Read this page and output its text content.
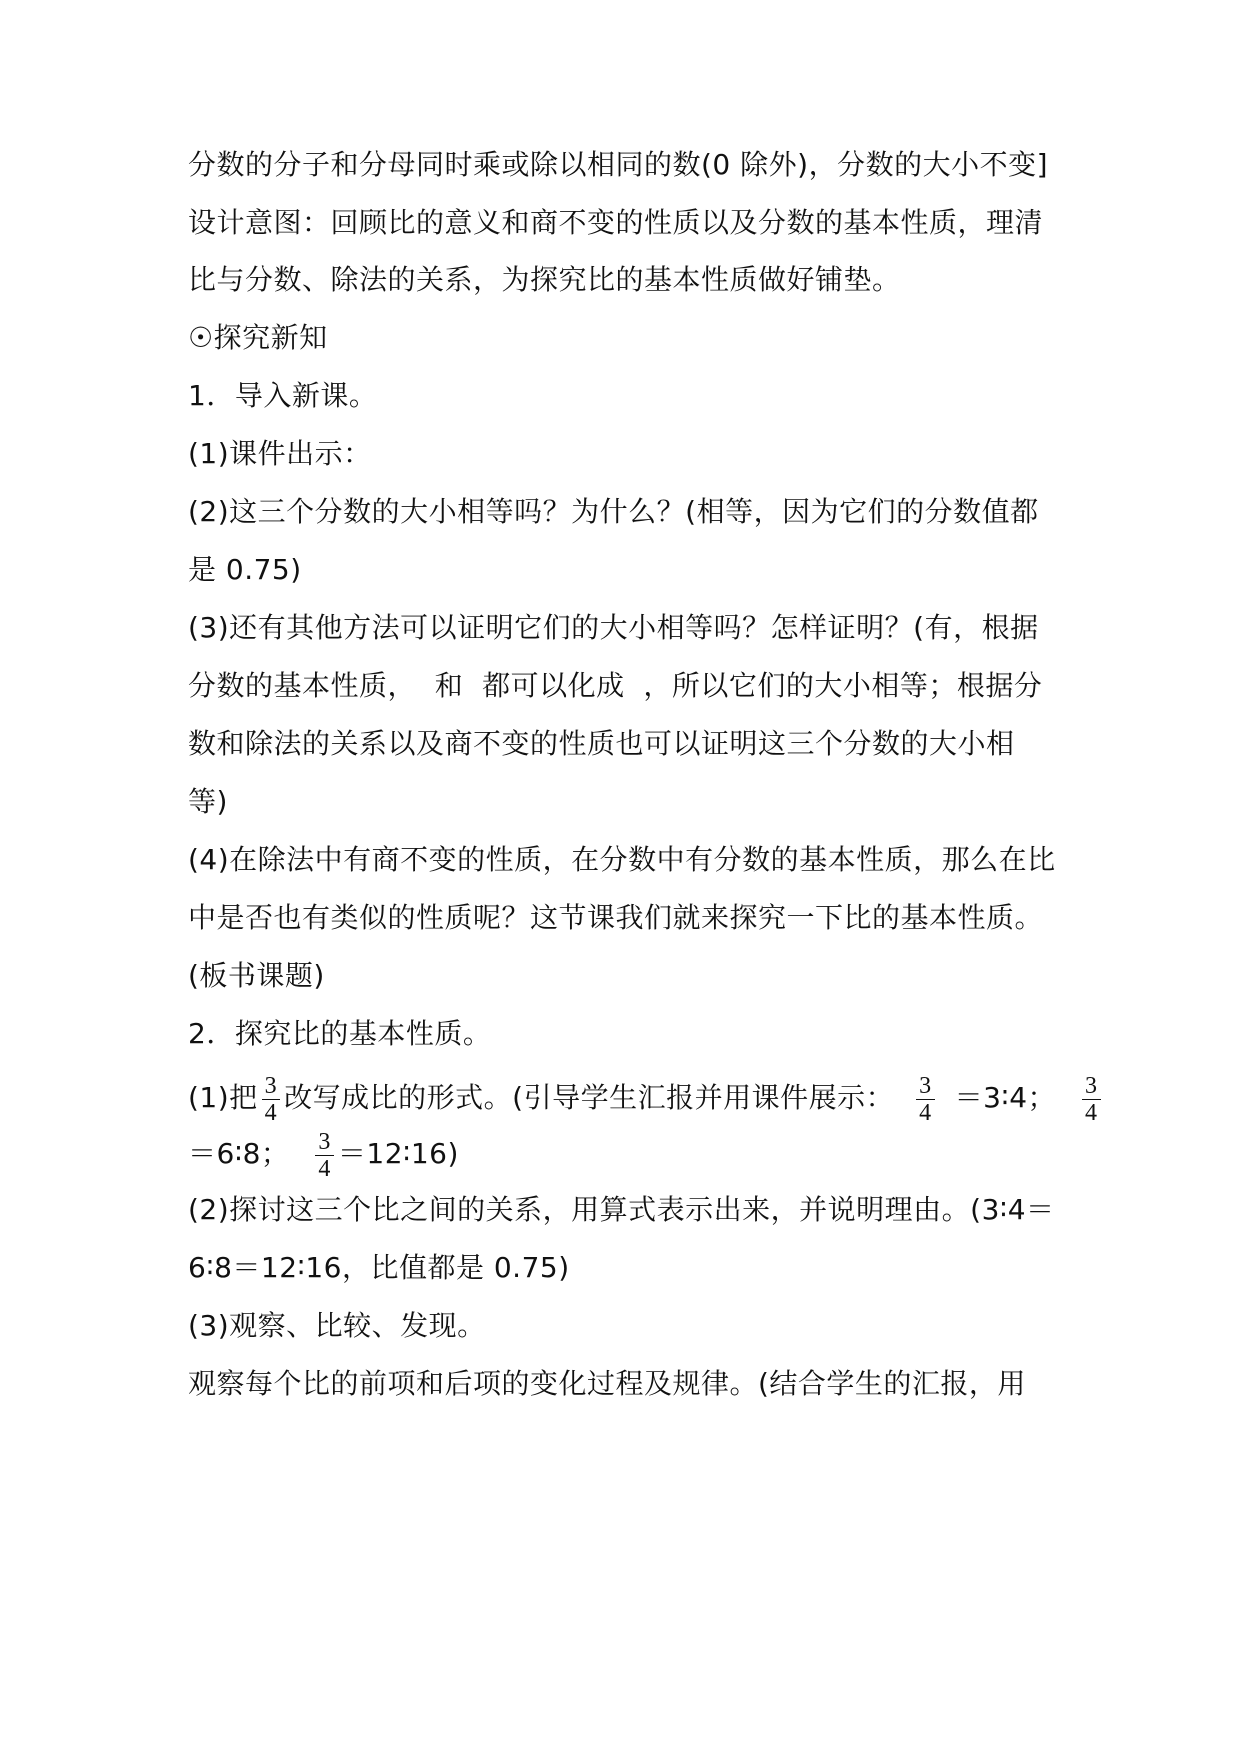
分数的分子和分母同时乘或除以相同的数(0 除外)，分数的大小不变]
设计意图：回顾比的意义和商不变的性质以及分数的基本性质，理清
比与分数、除法的关系，为探究比的基本性质做好铺垫。
☉探究新知
1．导入新课。
(1)课件出示：
(2)这三个分数的大小相等吗？为什么？(相等，因为它们的分数值都
是 0.75)
(3)还有其他方法可以证明它们的大小相等吗？怎样证明？(有，根据
分数的基本性质，  和  都可以化成  ，所以它们的大小相等；根据分
数和除法的关系以及商不变的性质也可以证明这三个分数的大小相
等)
(4)在除法中有商不变的性质，在分数中有分数的基本性质，那么在比
中是否也有类似的性质呢？这节课我们就来探究一下比的基本性质。
(板书课题)
2．探究比的基本性质。
(1)把 $\frac{3}{4}$ 改写成比的形式。(引导学生汇报并用课件展示： $\frac{3}{4}$ ＝3∶4； $\frac{3}{4}$
＝6∶8； $\frac{3}{4}$ ＝12∶16)
(2)探讨这三个比之间的关系，用算式表示出来，并说明理由。(3∶4＝
6∶8＝12∶16，比值都是 0.75)
(3)观察、比较、发现。
观察每个比的前项和后项的变化过程及规律。(结合学生的汇报，用
